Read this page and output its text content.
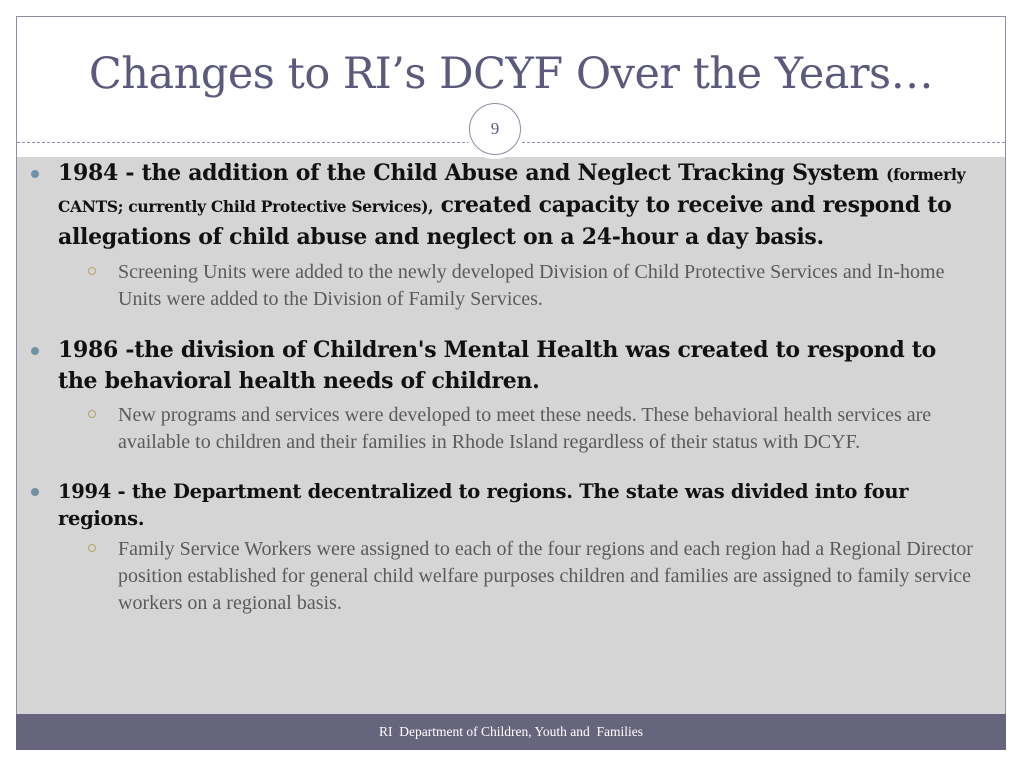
Changes to RI’s DCYF Over the Years…
9
1984 - the addition of the Child Abuse and Neglect Tracking System (formerly CANTS; currently Child Protective Services), created capacity to receive and respond to allegations of child abuse and neglect on a 24-hour a day basis.
Screening Units were added to the newly developed Division of Child Protective Services and In-home Units were added to the Division of Family Services.
1986 -the division of Children's Mental Health was created to respond to the behavioral health needs of children.
New programs and services were developed to meet these needs. These behavioral health services are available to children and their families in Rhode Island regardless of their status with DCYF.
1994 - the Department decentralized to regions. The state was divided into four regions.
Family Service Workers were assigned to each of the four regions and each region had a Regional Director position established for general child welfare purposes children and families are assigned to family service workers on a regional basis.
RI  Department of Children, Youth and  Families
